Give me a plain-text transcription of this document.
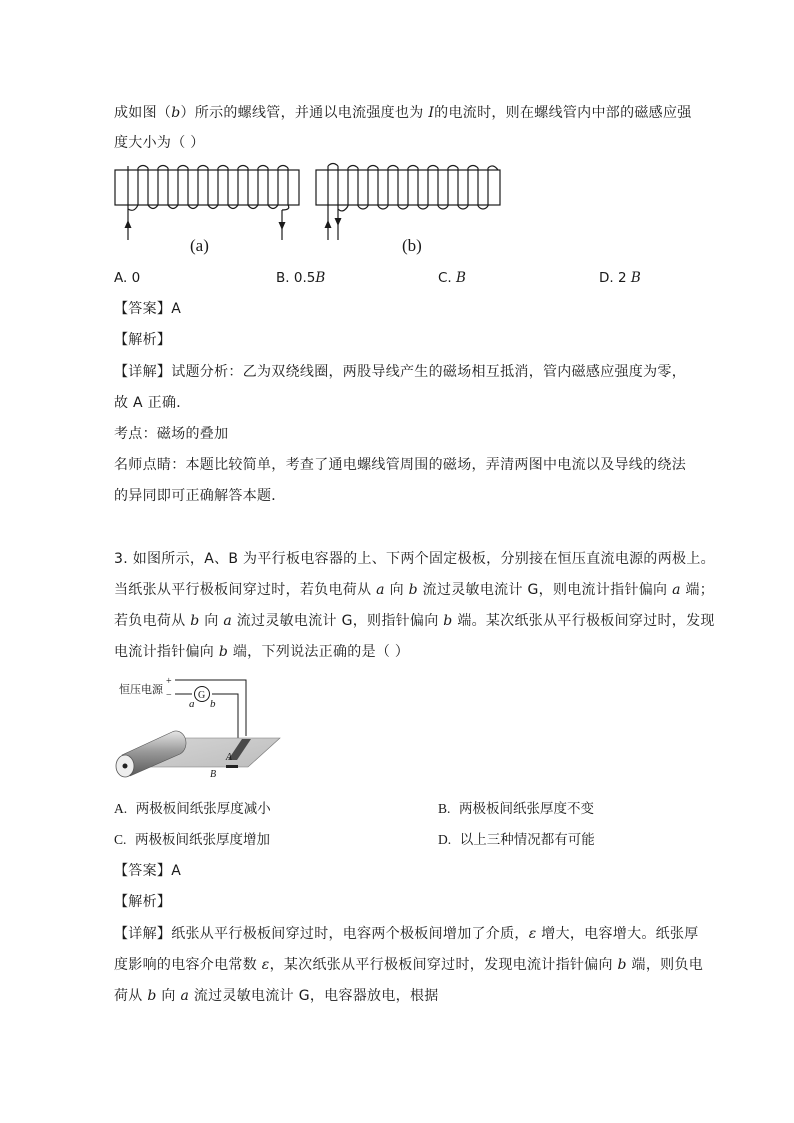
成如图（b）所示的螺线管，并通以电流强度也为 I的电流时，则在螺线管内中部的磁感应强
度大小为（ ）
(a)	(b)
A. 0	B. 0.5B	C. B	D. 2 B
【答案】A
【解析】
【详解】试题分析：乙为双绕线圈，两股导线产生的磁场相互抵消，管内磁感应强度为零，
故 A 正确．
考点：磁场的叠加
名师点睛：本题比较简单，考查了通电螺线管周围的磁场，弄清两图中电流以及导线的绕法
的异同即可正确解答本题．
3. 如图所示，A、B 为平行板电容器的上、下两个固定极板，分别接在恒压直流电源的两极上。
当纸张从平行极板间穿过时，若负电荷从 a 向 b 流过灵敏电流计 G，则电流计指针偏向 a 端；
若负电荷从 b 向 a 流过灵敏电流计 G，则指针偏向 b 端。某次纸张从平行极板间穿过时，发现
电流计指针偏向 b 端，下列说法正确的是（ ）
恒压电源
+
−	G
a b
A
B
A. 两极板间纸张厚度减小	B. 两极板间纸张厚度不变
C. 两极板间纸张厚度增加	D. 以上三种情况都有可能
【答案】A
【解析】
【详解】纸张从平行极板间穿过时，电容两个极板间增加了介质，ε 增大，电容增大。纸张厚
度影响的电容介电常数 ε，某次纸张从平行极板间穿过时，发现电流计指针偏向 b 端，则负电
荷从 b 向 a 流过灵敏电流计 G，电容器放电，根据
